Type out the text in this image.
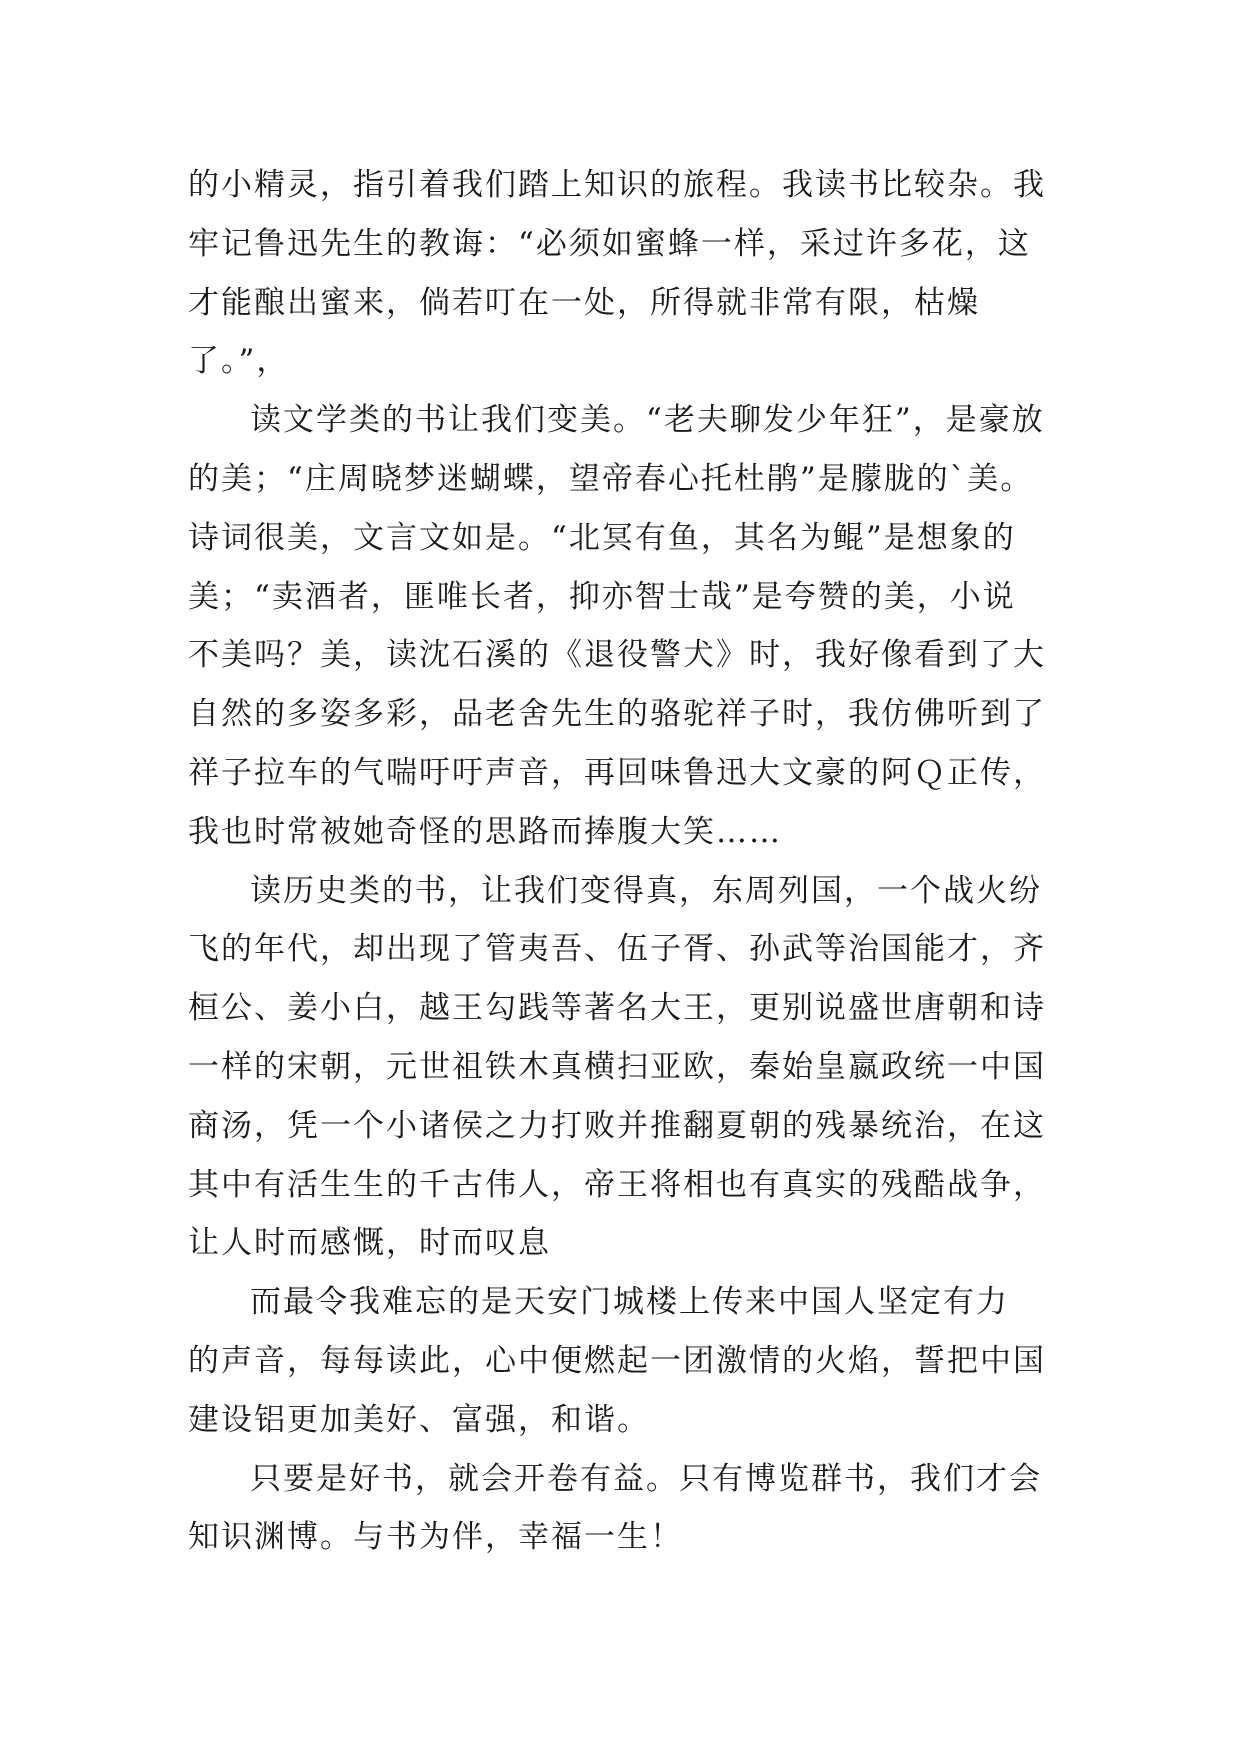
的小精灵，指引着我们踏上知识的旅程。我读书比较杂。我
牢记鲁迅先生的教诲：“必须如蜜蜂一样，采过许多花，这
才能酿出蜜来，倘若叮在一处，所得就非常有限，枯燥
了。”，
读文学类的书让我们变美。“老夫聊发少年狂”，是豪放
的美；“庄周晓梦迷蝴蝶，望帝春心托杜鹃”是朦胧的`美。
诗词很美，文言文如是。“北冥有鱼，其名为鲲”是想象的
美；“卖酒者，匪唯长者，抑亦智士哉”是夸赞的美，小说
不美吗？美，读沈石溪的《退役警犬》时，我好像看到了大
自然的多姿多彩，品老舍先生的骆驼祥子时，我仿佛听到了
祥子拉车的气喘吁吁声音，再回味鲁迅大文豪的阿Ｑ正传，
我也时常被她奇怪的思路而捧腹大笑……
读历史类的书，让我们变得真，东周列国，一个战火纷
飞的年代，却出现了管夷吾、伍子胥、孙武等治国能才，齐
桓公、姜小白，越王勾践等著名大王，更别说盛世唐朝和诗
一样的宋朝，元世祖铁木真横扫亚欧，秦始皇嬴政统一中国
商汤，凭一个小诸侯之力打败并推翻夏朝的残暴统治，在这
其中有活生生的千古伟人，帝王将相也有真实的残酷战争，
让人时而感慨，时而叹息
而最令我难忘的是天安门城楼上传来中国人坚定有力
的声音，每每读此，心中便燃起一团激情的火焰，誓把中国
建设铝更加美好、富强，和谐。
只要是好书，就会开卷有益。只有博览群书，我们才会
知识渊博。与书为伴，幸福一生！
